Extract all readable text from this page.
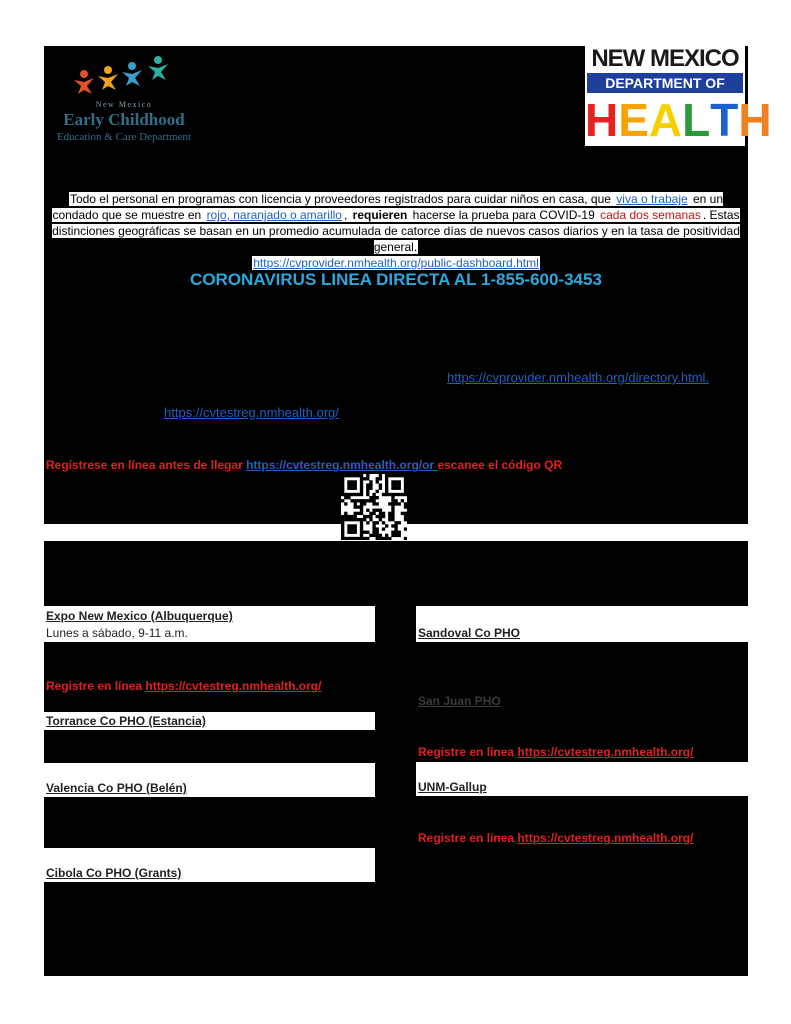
New Mexico
Early Childhood
Education & Care Department
NEW MEXICO
DEPARTMENT OF
H E A L T H
Todo el personal en programas con licencia y proveedores registrados para cuidar niños en casa, que viva o trabaje en un condado que se muestre en rojo, naranjado o amarillo , requieren hacerse la prueba para COVID-19 cada dos semanas . Estas distinciones geográficas se basan en un promedio acumulada de catorce días de nuevos casos diarios y en la tasa de positividad general.
https://cvprovider.nmhealth.org/public-dashboard.html
CORONAVIRUS LINEA DIRECTA AL 1-855-600-3453
https://cvprovider.nmhealth.org/directory.html.
https://cvtestreg.nmhealth.org/
Regístrese en línea antes de llegar https://cvtestreg.nmhealth.org/or escanee el código QR
Expo New Mexico (Albuquerque)
Lunes a sábado, 9-11 a.m.
Registre en línea https://cvtestreg.nmhealth.org/
Torrance Co PHO (Estancia)
Valencia Co PHO (Belén)
Cibola Co PHO (Grants)
Sandoval Co PHO
San Juan PHO
Registre en línea https://cvtestreg.nmhealth.org/
UNM-Gallup
Registre en línea https://cvtestreg.nmhealth.org/
